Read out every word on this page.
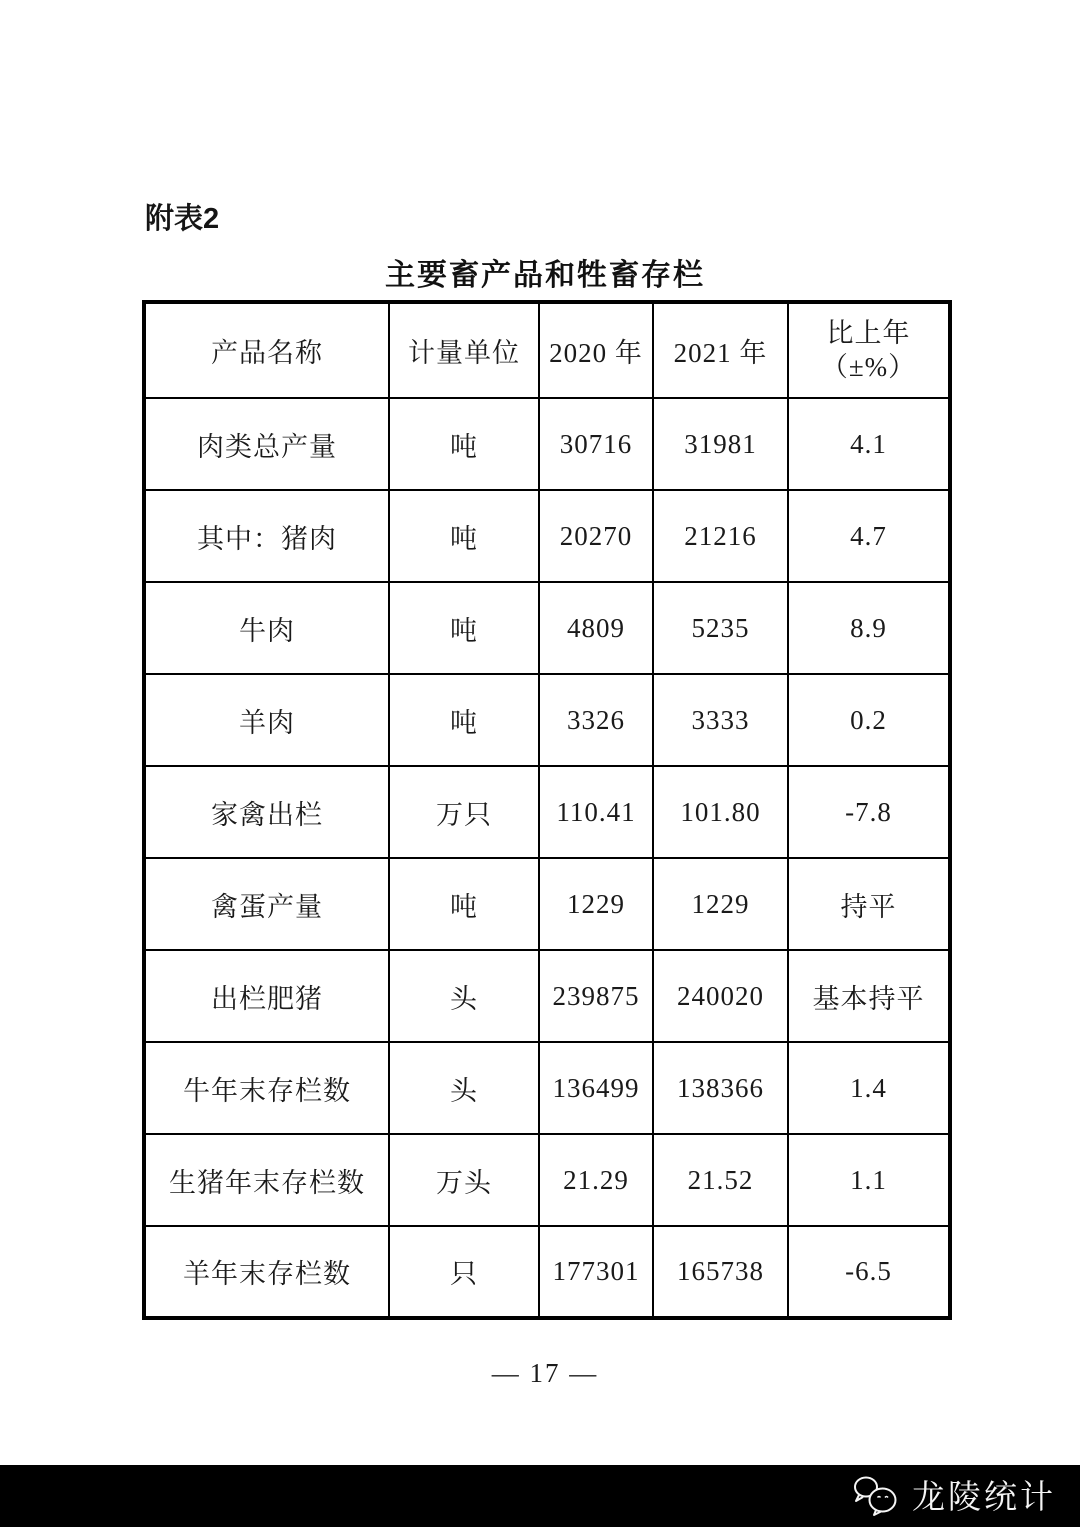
附表2
主要畜产品和牲畜存栏
产品名称	计量单位	2020 年	2021 年	比上年
（±%）

肉类总产量	吨	30716	31981	4.1
其中：猪肉	吨	20270	21216	4.7
牛肉	吨	4809	5235	8.9
羊肉	吨	3326	3333	0.2
家禽出栏	万只	110.41	101.80	-7.8
禽蛋产量	吨	1229	1229	持平
出栏肥猪	头	239875	240020	基本持平
牛年末存栏数	头	136499	138366	1.4
生猪年末存栏数	万头	21.29	21.52	1.1
羊年末存栏数	只	177301	165738	-6.5
— 17 —
龙陵统计
